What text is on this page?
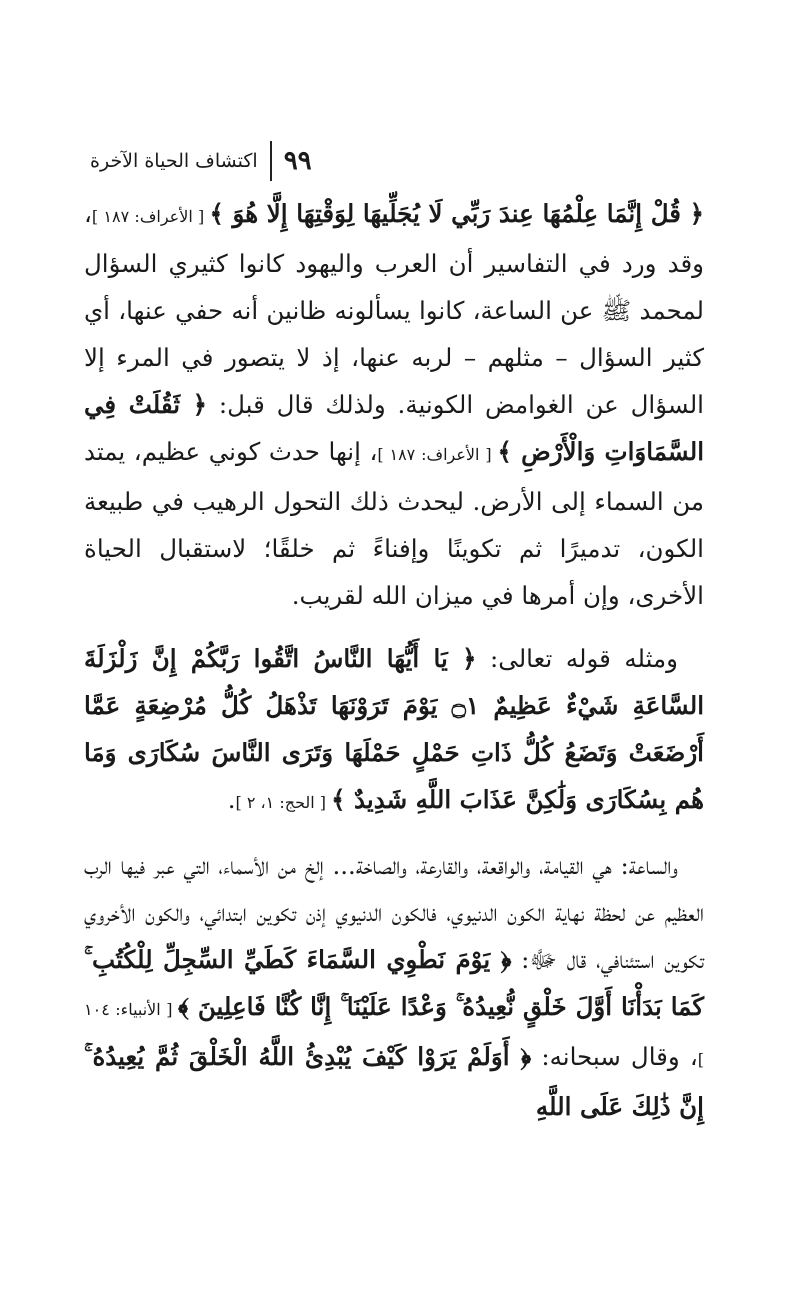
٩٩
اكتشاف الحياة الآخرة

﴿ قُلْ إِنَّمَا عِلْمُهَا عِندَ رَبِّي لَا يُجَلِّيهَا لِوَقْتِهَا إِلَّا هُوَ ﴾ [ الأعراف: ١٨٧ ]، وقد ورد في التفاسير أن العرب واليهود كانوا كثيري السؤال لمحمد ﷺ عن الساعة، كانوا يسألونه ظانين أنه حفي عنها، أي كثير السؤال – مثلهم – لربه عنها، إذ لا يتصور في المرء إلا السؤال عن الغوامض الكونية. ولذلك قال قبل: ﴿ ثَقُلَتْ فِي السَّمَاوَاتِ وَالْأَرْضِ ﴾ [ الأعراف: ١٨٧ ]، إنها حدث كوني عظيم، يمتد من السماء إلى الأرض. ليحدث ذلك التحول الرهيب في طبيعة الكون، تدميرًا ثم تكوينًا وإفناءً ثم خلقًا؛ لاستقبال الحياة الأخرى، وإن أمرها في ميزان الله لقريب.

ومثله قوله تعالى: ﴿ يَا أَيُّهَا النَّاسُ اتَّقُوا رَبَّكُمْ إِنَّ زَلْزَلَةَ السَّاعَةِ شَيْءٌ عَظِيمٌ ۝١ يَوْمَ تَرَوْنَهَا تَذْهَلُ كُلُّ مُرْضِعَةٍ عَمَّا أَرْضَعَتْ وَتَضَعُ كُلُّ ذَاتِ حَمْلٍ حَمْلَهَا وَتَرَى النَّاسَ سُكَارَى وَمَا هُم بِسُكَارَى وَلَٰكِنَّ عَذَابَ اللَّهِ شَدِيدٌ ﴾ [ الحج: ١، ٢ ].

والساعة: هي القيامة، والواقعة، والقارعة، والصاخة... إلخ من الأسماء، التي عبر فيها الرب العظيم عن لحظة نهاية الكون الدنيوي، فالكون الدنيوي إذن تكوين ابتدائي، والكون الأخروي تكوين استئنافي، قال ﷻ: ﴿ يَوْمَ نَطْوِي السَّمَاءَ كَطَيِّ السِّجِلِّ لِلْكُتُبِ ۚ كَمَا بَدَأْنَا أَوَّلَ خَلْقٍ نُّعِيدُهُ ۚ وَعْدًا عَلَيْنَا ۚ إِنَّا كُنَّا فَاعِلِينَ ﴾ [ الأنبياء: ١٠٤ ]، وقال سبحانه: ﴿ أَوَلَمْ يَرَوْا كَيْفَ يُبْدِئُ اللَّهُ الْخَلْقَ ثُمَّ يُعِيدُهُ ۚ إِنَّ ذَٰلِكَ عَلَى اللَّهِ
